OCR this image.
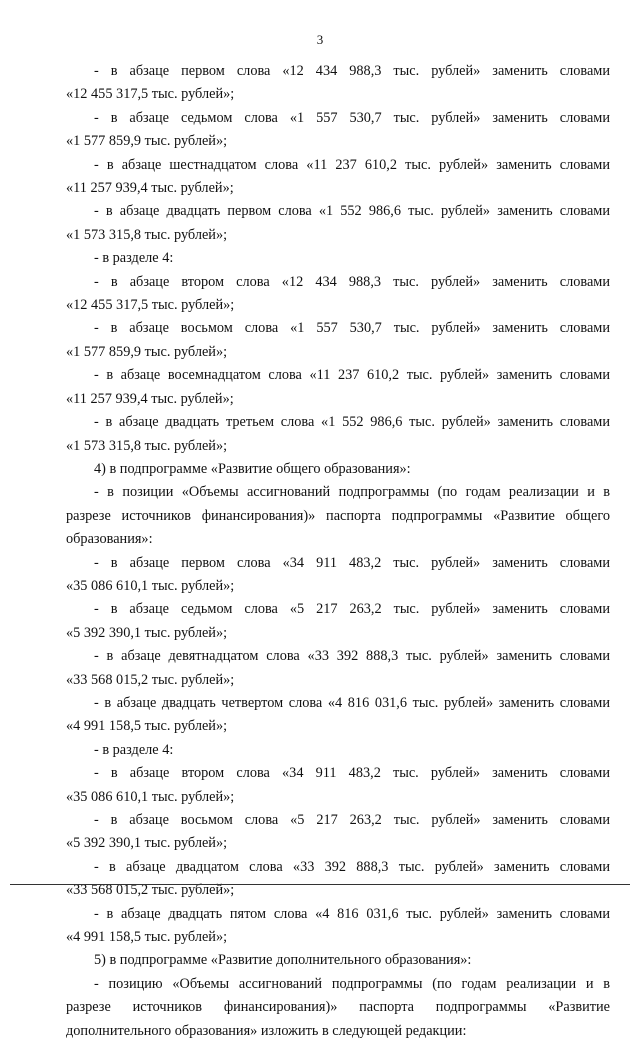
3
- в абзаце первом слова «12 434 988,3 тыс. рублей» заменить словами
«12 455 317,5 тыс. рублей»;
- в абзаце седьмом слова «1 557 530,7 тыс. рублей» заменить словами
«1 577 859,9 тыс. рублей»;
- в абзаце шестнадцатом слова «11 237 610,2 тыс. рублей» заменить словами
«11 257 939,4 тыс. рублей»;
- в абзаце двадцать первом слова «1 552 986,6 тыс. рублей» заменить словами
«1 573 315,8 тыс. рублей»;
- в разделе 4:
- в абзаце втором слова «12 434 988,3 тыс. рублей» заменить словами
«12 455 317,5 тыс. рублей»;
- в абзаце восьмом слова «1 557 530,7 тыс. рублей» заменить словами
«1 577 859,9 тыс. рублей»;
- в абзаце восемнадцатом слова «11 237 610,2 тыс. рублей» заменить словами
«11 257 939,4 тыс. рублей»;
- в абзаце двадцать третьем слова «1 552 986,6 тыс. рублей» заменить словами
«1 573 315,8 тыс. рублей»;
4) в подпрограмме «Развитие общего образования»:
- в позиции «Объемы ассигнований подпрограммы (по годам реализации и в
разрезе источников финансирования)» паспорта подпрограммы «Развитие общего
образования»:
- в абзаце первом слова «34 911 483,2 тыс. рублей» заменить словами
«35 086 610,1 тыс. рублей»;
- в абзаце седьмом слова «5 217 263,2 тыс. рублей» заменить словами
«5 392 390,1 тыс. рублей»;
- в абзаце девятнадцатом слова «33 392 888,3 тыс. рублей» заменить словами
«33 568 015,2 тыс. рублей»;
- в абзаце двадцать четвертом слова «4 816 031,6 тыс. рублей» заменить словами
«4 991 158,5 тыс. рублей»;
- в разделе 4:
- в абзаце втором слова «34 911 483,2 тыс. рублей» заменить словами
«35 086 610,1 тыс. рублей»;
- в абзаце восьмом слова «5 217 263,2 тыс. рублей» заменить словами
«5 392 390,1 тыс. рублей»;
- в абзаце двадцатом слова «33 392 888,3 тыс. рублей» заменить словами
«33 568 015,2 тыс. рублей»;
- в абзаце двадцать пятом слова «4 816 031,6 тыс. рублей» заменить словами
«4 991 158,5 тыс. рублей»;
5) в подпрограмме «Развитие дополнительного образования»:
- позицию «Объемы ассигнований подпрограммы (по годам реализации и в
разрезе источников финансирования)» паспорта подпрограммы «Развитие
дополнительного образования» изложить в следующей редакции:
